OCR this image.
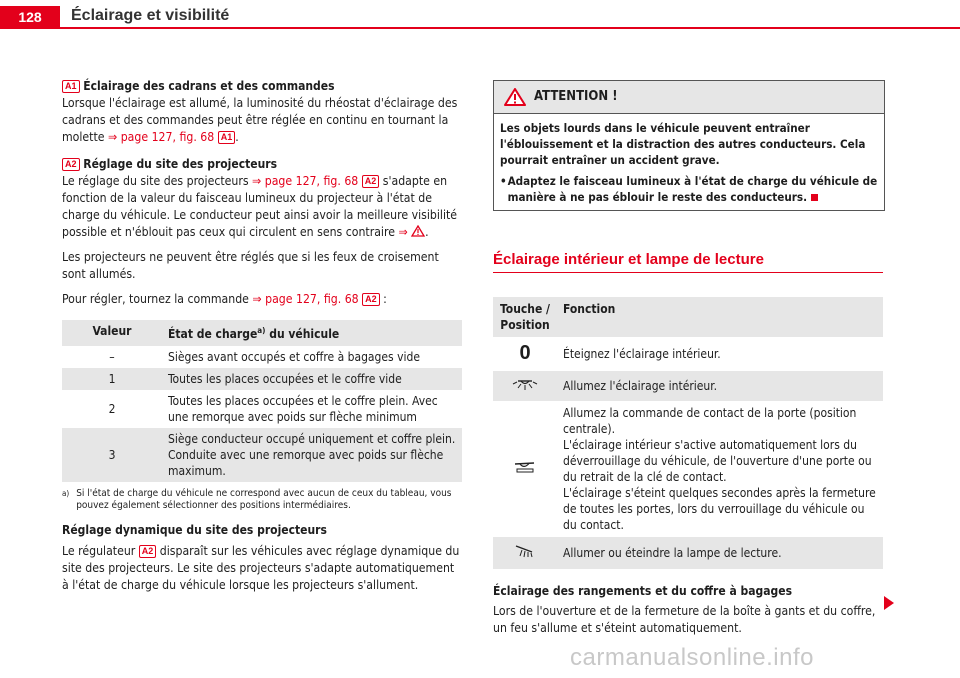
128	Éclairage et visibilité

A1 Éclairage des cadrans et des commandes

Lorsque l'éclairage est allumé, la luminosité du rhéostat d'éclairage des cadrans et des commandes peut être réglée en continu en tournant la molette ⇒ page 127, fig. 68 A1 .

A2 Réglage du site des projecteurs

Le réglage du site des projecteurs ⇒ page 127, fig. 68 A2 s'adapte en fonction de la valeur du faisceau lumineux du projecteur à l'état de charge du véhicule. Le conducteur peut ainsi avoir la meilleure visibilité possible et n'éblouit pas ceux qui circulent en sens contraire ⇒ .

Les projecteurs ne peuvent être réglés que si les feux de croisement sont allumés.

Pour régler, tournez la commande ⇒ page 127, fig. 68 A2 :

Valeur	État de charge$^{a)}$ du véhicule
–	Sièges avant occupés et coffre à bagages vide
1	Toutes les places occupées et le coffre vide
2	Toutes les places occupées et le coffre plein. Avec une remorque avec poids sur flèche minimum
3	Siège conducteur occupé uniquement et coffre plein. Conduite avec une remorque avec poids sur flèche maximum.
a) Si l'état de charge du véhicule ne correspond avec aucun de ceux du tableau, vous pouvez également sélectionner des positions intermédiaires.

Réglage dynamique du site des projecteurs

Le régulateur A2 disparaît sur les véhicules avec réglage dynamique du site des projecteurs. Le site des projecteurs s'adapte automatiquement à l'état de charge du véhicule lorsque les projecteurs s'allument.

ATTENTION !
Les objets lourds dans le véhicule peuvent entraîner l'éblouissement et la distraction des autres conducteurs. Cela pourrait entraîner un accident grave.
• Adaptez le faisceau lumineux à l'état de charge du véhicule de manière à ne pas éblouir le reste des conducteurs.
Éclairage intérieur et lampe de lecture
Touche / Position	Fonction
0	Éteignez l'éclairage intérieur.
	Allumez l'éclairage intérieur.
	Allumez la commande de contact de la porte (position centrale).
L'éclairage intérieur s'active automatiquement lors du déverrouillage du véhicule, de l'ouverture d'une porte ou du retrait de la clé de contact.
L'éclairage s'éteint quelques secondes après la fermeture de toutes les portes, lors du verrouillage du véhicule ou du contact.
	Allumer ou éteindre la lampe de lecture.

Éclairage des rangements et du coffre à bagages

Lors de l'ouverture et de la fermeture de la boîte à gants et du coffre, un feu s'allume et s'éteint automatiquement.

carmanualsonline.info
